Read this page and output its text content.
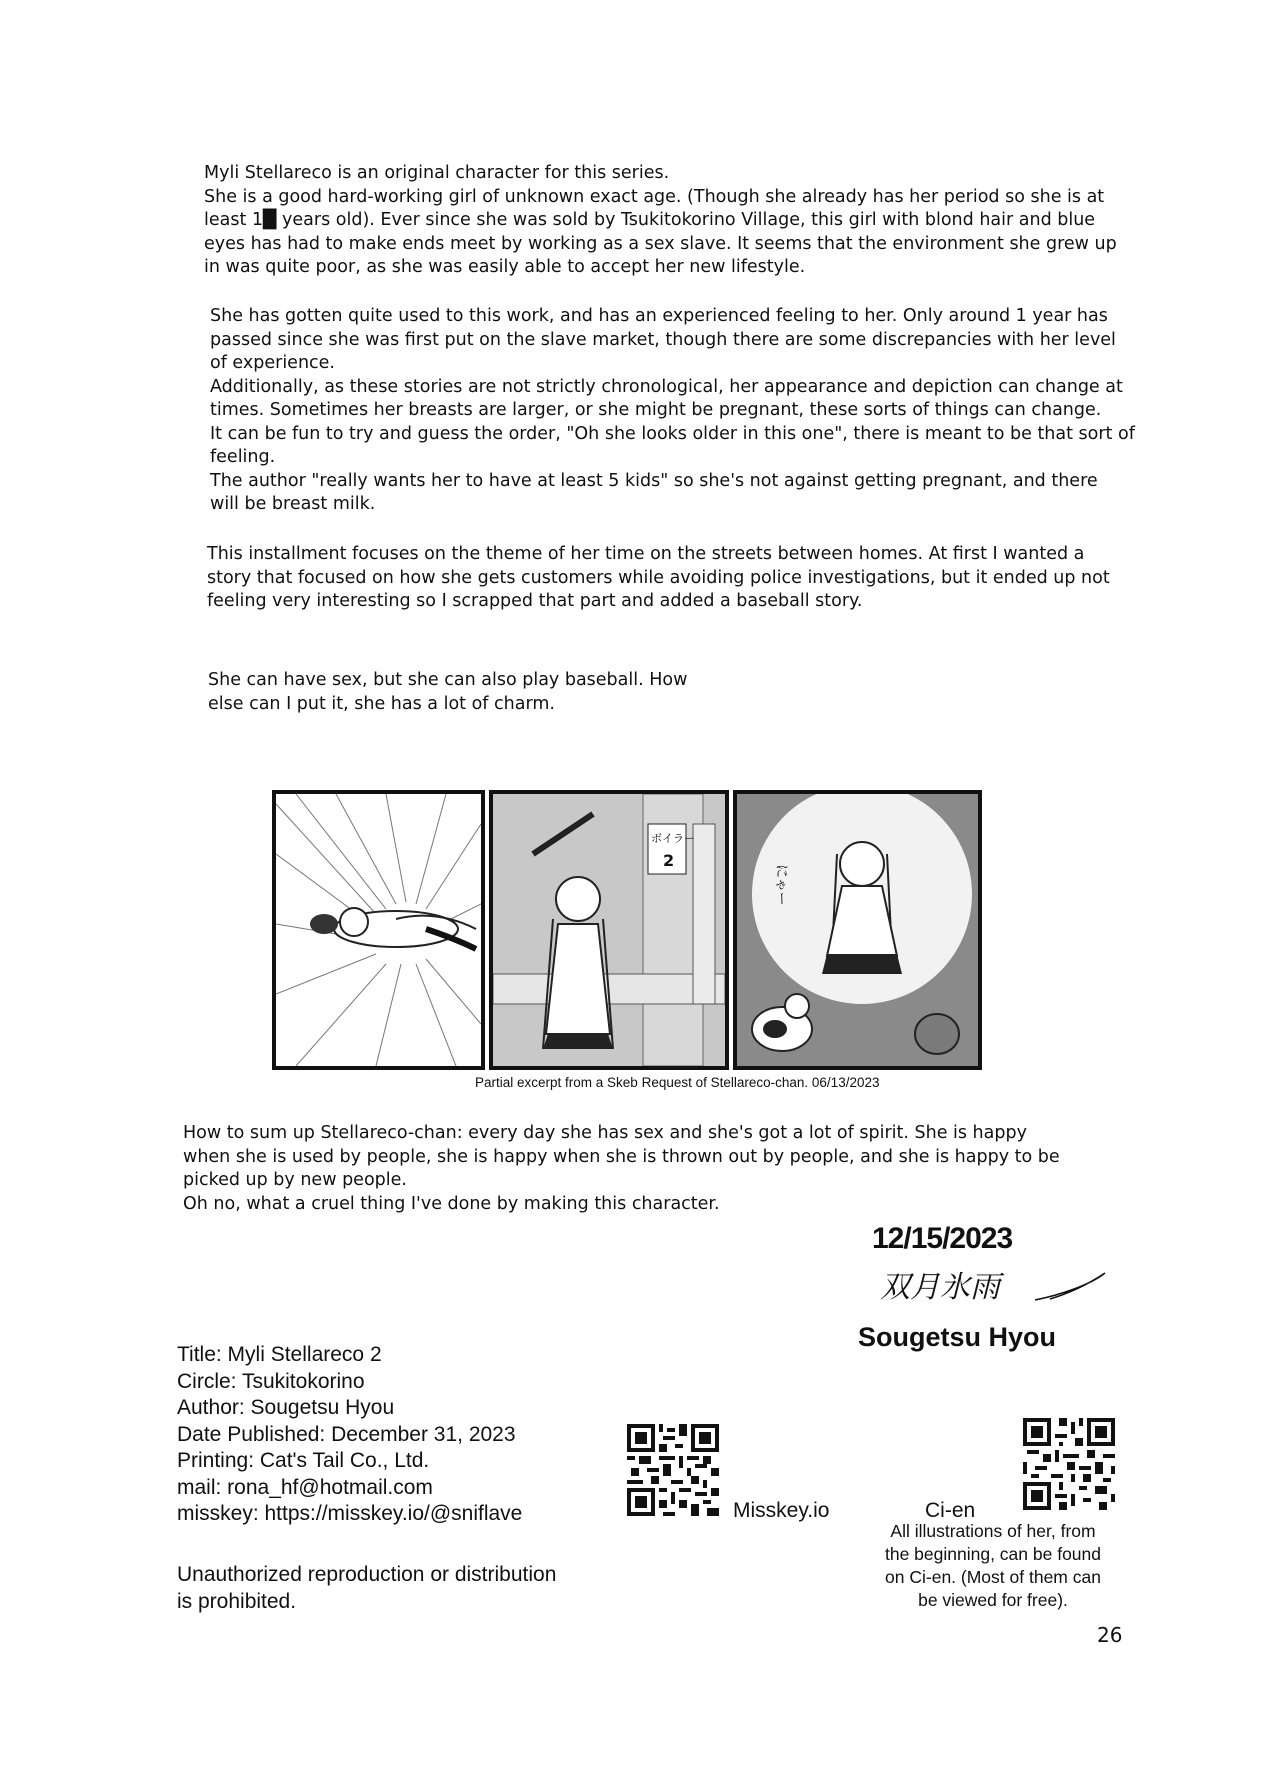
Myli Stellareco is an original character for this series.

She is a good hard-working girl of unknown exact age. (Though she already has her period so she is at

least 1█ years old). Ever since she was sold by Tsukitokorino Village, this girl with blond hair and blue

eyes has had to make ends meet by working as a sex slave. It seems that the environment she grew up

in was quite poor, as she was easily able to accept her new lifestyle.

She has gotten quite used to this work, and has an experienced feeling to her. Only around 1 year has

passed since she was first put on the slave market, though there are some discrepancies with her level

of experience.

Additionally, as these stories are not strictly chronological, her appearance and depiction can change at

times. Sometimes her breasts are larger, or she might be pregnant, these sorts of things can change.

It can be fun to try and guess the order, "Oh she looks older in this one", there is meant to be that sort of

feeling.

The author "really wants her to have at least 5 kids" so she's not against getting pregnant, and there

will be breast milk.

This installment focuses on the theme of her time on the streets between homes. At first I wanted a

story that focused on how she gets customers while avoiding police investigations, but it ended up not

feeling very interesting so I scrapped that part and added a baseball story.

She can have sex, but she can also play baseball. How

else can I put it, she has a lot of charm.

ボイラー
2
にゃー
Partial excerpt from a Skeb Request of Stellareco-chan. 06/13/2023

How to sum up Stellareco-chan: every day she has sex and she's got a lot of spirit. She is happy

when she is used by people, she is happy when she is thrown out by people, and she is happy to be

picked up by new people.

Oh no, what a cruel thing I've done by making this character.

12/15/2023
双月氷雨
Sougetsu Hyou
Title: Myli Stellareco 2
Circle: Tsukitokorino
Author: Sougetsu Hyou
Date Published: December 31, 2023
Printing: Cat's Tail Co., Ltd.
mail: rona_hf@hotmail.com
misskey: https://misskey.io/@sniflave
Unauthorized reproduction or distribution
is prohibited.
Misskey.io	Ci-en
All illustrations of her, from
the beginning, can be found
on Ci-en. (Most of them can
be viewed for free).
26
